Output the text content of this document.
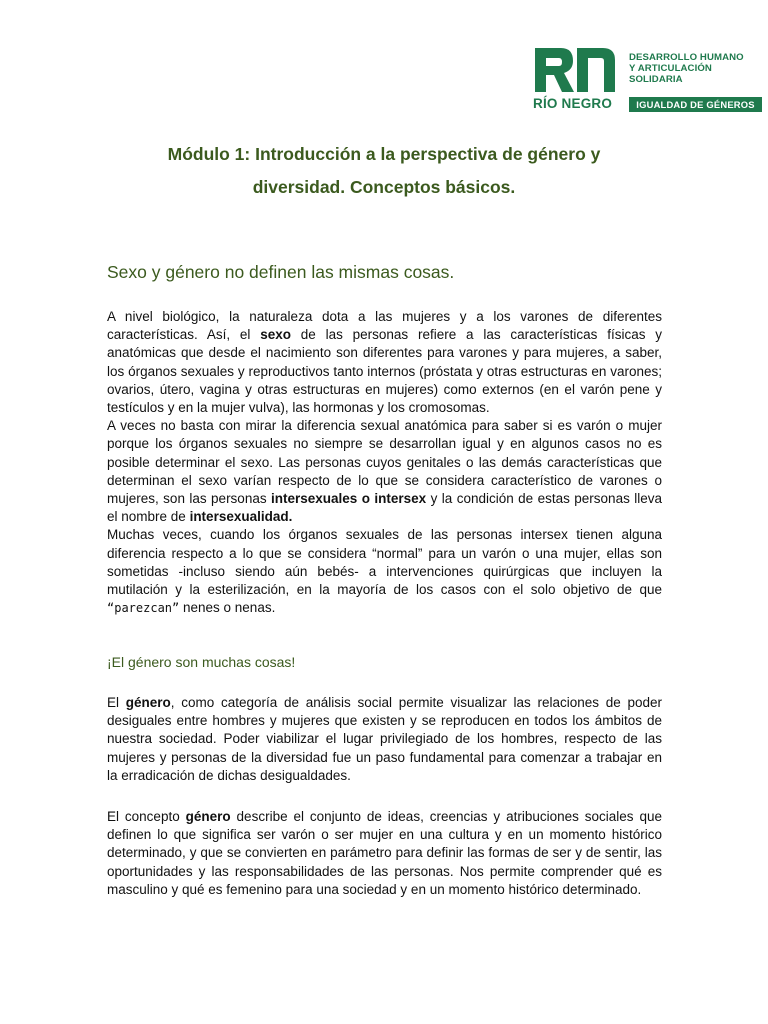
RÍO NEGRO
DESARROLLO HUMANO
Y ARTICULACIÓN
SOLIDARIA
IGUALDAD DE GÉNEROS
Módulo 1: Introducción a la perspectiva de género y
diversidad. Conceptos básicos.
Sexo y género no definen las mismas cosas.
A nivel biológico, la naturaleza dota a las mujeres y a los varones de diferentes características. Así, el sexo de las personas refiere a las características físicas y anatómicas que desde el nacimiento son diferentes para varones y para mujeres, a saber, los órganos sexuales y reproductivos tanto internos (próstata y otras estructuras en varones; ovarios, útero, vagina y otras estructuras en mujeres) como externos (en el varón pene y testículos y en la mujer vulva), las hormonas y los cromosomas.
A veces no basta con mirar la diferencia sexual anatómica para saber si es varón o mujer porque los órganos sexuales no siempre se desarrollan igual y en algunos casos no es posible determinar el sexo. Las personas cuyos genitales o las demás características que determinan el sexo varían respecto de lo que se considera característico de varones o mujeres, son las personas intersexuales o intersex y la condición de estas personas lleva el nombre de intersexualidad.
Muchas veces, cuando los órganos sexuales de las personas intersex tienen alguna diferencia respecto a lo que se considera “normal” para un varón o una mujer, ellas son sometidas -incluso siendo aún bebés- a intervenciones quirúrgicas que incluyen la mutilación y la esterilización, en la mayoría de los casos con el solo objetivo de que “parezcan” nenes o nenas.
¡El género son muchas cosas!

El género, como categoría de análisis social permite visualizar las relaciones de poder desiguales entre hombres y mujeres que existen y se reproducen en todos los ámbitos de nuestra sociedad. Poder viabilizar el lugar privilegiado de los hombres, respecto de las mujeres y personas de la diversidad fue un paso fundamental para comenzar a trabajar en la erradicación de dichas desigualdades.

El concepto género describe el conjunto de ideas, creencias y atribuciones sociales que definen lo que significa ser varón o ser mujer en una cultura y en un momento histórico determinado, y que se convierten en parámetro para definir las formas de ser y de sentir, las oportunidades y las responsabilidades de las personas. Nos permite comprender qué es masculino y qué es femenino para una sociedad y en un momento histórico determinado.
